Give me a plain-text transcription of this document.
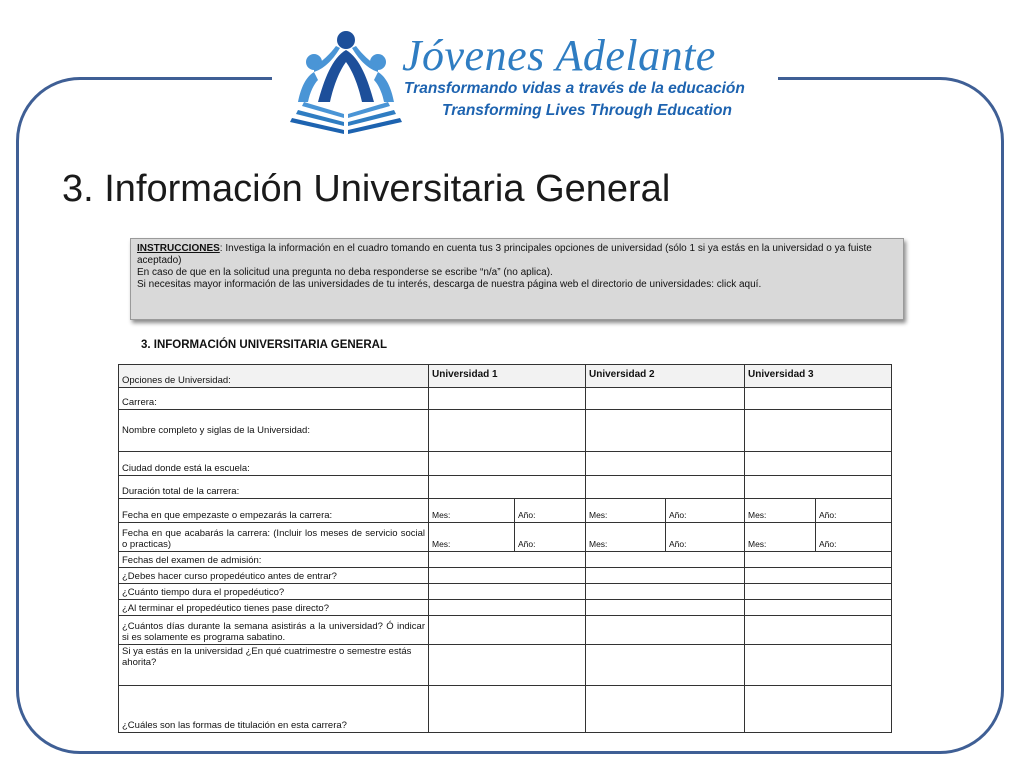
Jóvenes Adelante
Transformando vidas a través de la educación
Transforming Lives Through Education
3. Información Universitaria General

INSTRUCCIONES: Investiga la información en el cuadro tomando en cuenta tus 3 principales opciones de universidad (sólo 1 si ya estás en la universidad o ya fuiste aceptado)

En caso de que en la solicitud una pregunta no deba responderse se escribe “n/a” (no aplica).

Si necesitas mayor información de las universidades de tu interés, descarga de nuestra página web el directorio de universidades: click aquí.

3. INFORMACIÓN UNIVERSITARIA GENERAL
Opciones de Universidad:	Universidad 1		Universidad 2		Universidad 3	
Carrera:						
Nombre completo y siglas de la Universidad:						
Ciudad donde está la escuela:						
Duración total de la carrera:						
Fecha en que empezaste o empezarás la carrera:	Mes:	Año:	Mes:	Año:	Mes:	Año:
Fecha en que acabarás la carrera: (Incluir los meses de servicio social o practicas)	Mes:	Año:	Mes:	Año:	Mes:	Año:
Fechas del examen de admisión:						
¿Debes hacer curso propedéutico antes de entrar?						
¿Cuánto tiempo dura el propedéutico?						
¿Al terminar el propedéutico tienes pase directo?						
¿Cuántos días durante la semana asistirás a la universidad? Ó indicar si es solamente es programa sabatino.						
Si ya estás en la universidad ¿En qué cuatrimestre o semestre estás ahorita?						
¿Cuáles son las formas de titulación en esta carrera?						
